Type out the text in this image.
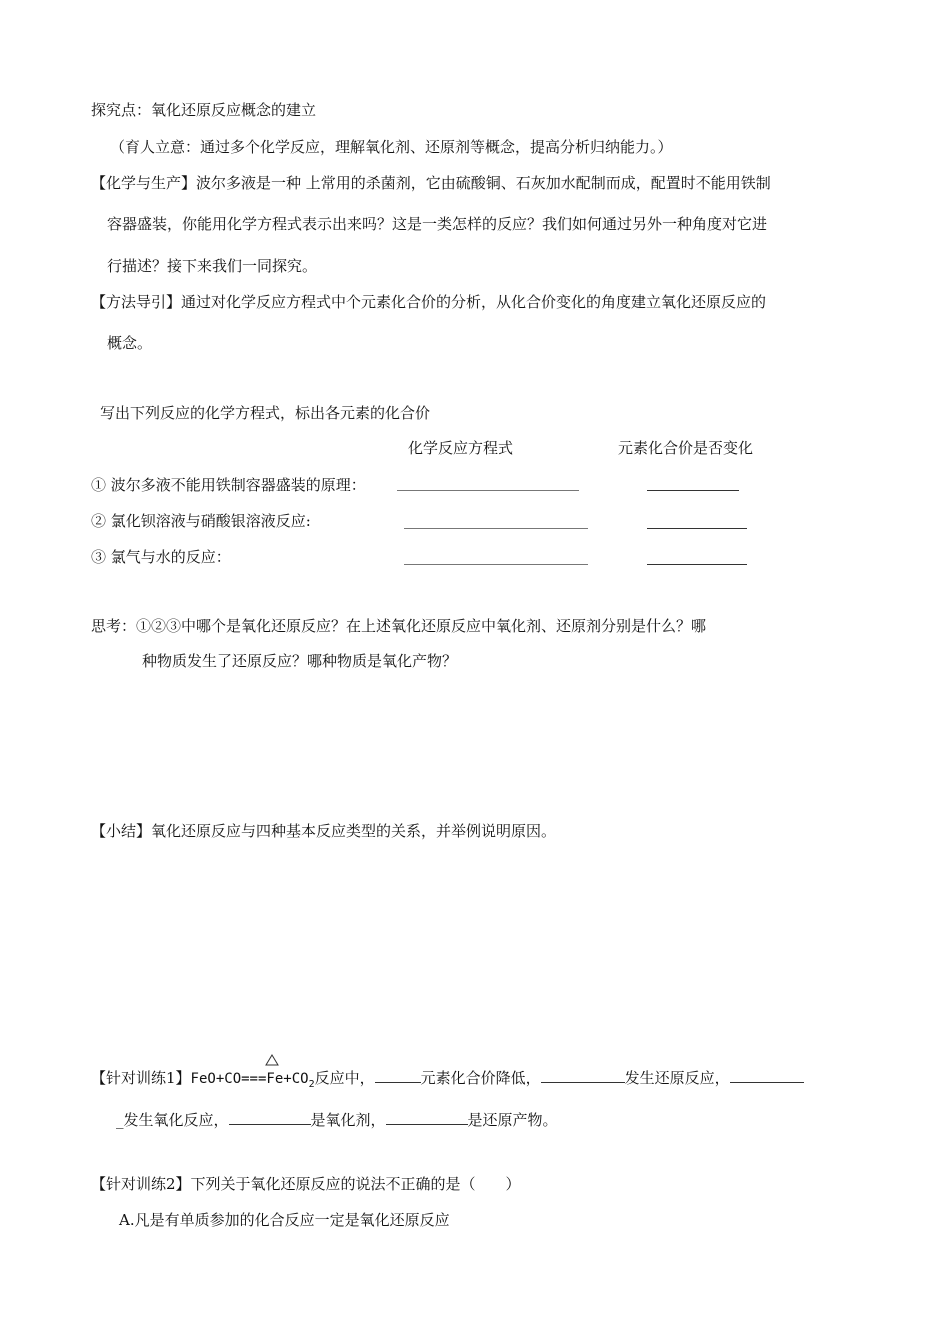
探究点：氧化还原反应概念的建立
（育人立意：通过多个化学反应，理解氧化剂、还原剂等概念，提高分析归纳能力。）
【化学与生产】波尔多液是一种 上常用的杀菌剂，它由硫酸铜、石灰加水配制而成，配置时不能用铁制
容器盛装，你能用化学方程式表示出来吗？这是一类怎样的反应？我们如何通过另外一种角度对它进
行描述？接下来我们一同探究。
【方法导引】通过对化学反应方程式中个元素化合价的分析，从化合价变化的角度建立氧化还原反应的
概念。
写出下列反应的化学方程式，标出各元素的化合价
化学反应方程式	元素化合价是否变化
① 波尔多液不能用铁制容器盛装的原理：
② 氯化钡溶液与硝酸银溶液反应:
③ 氯气与水的反应：
思考：①②③中哪个是氧化还原反应？在上述氧化还原反应中氧化剂、还原剂分别是什么？哪
种物质发生了还原反应？哪种物质是氧化产物？
【小结】氧化还原反应与四种基本反应类型的关系，并举例说明原因。
【针对训练1】FeO+CO===
$Fe+CO_2$反应中，	元素化合价降低，	发生还原反应，
_发生氧化反应，	是氧化剂，	是还原产物。
【针对训练2】下列关于氧化还原反应的说法不正确的是（　　）
A.凡是有单质参加的化合反应一定是氧化还原反应
